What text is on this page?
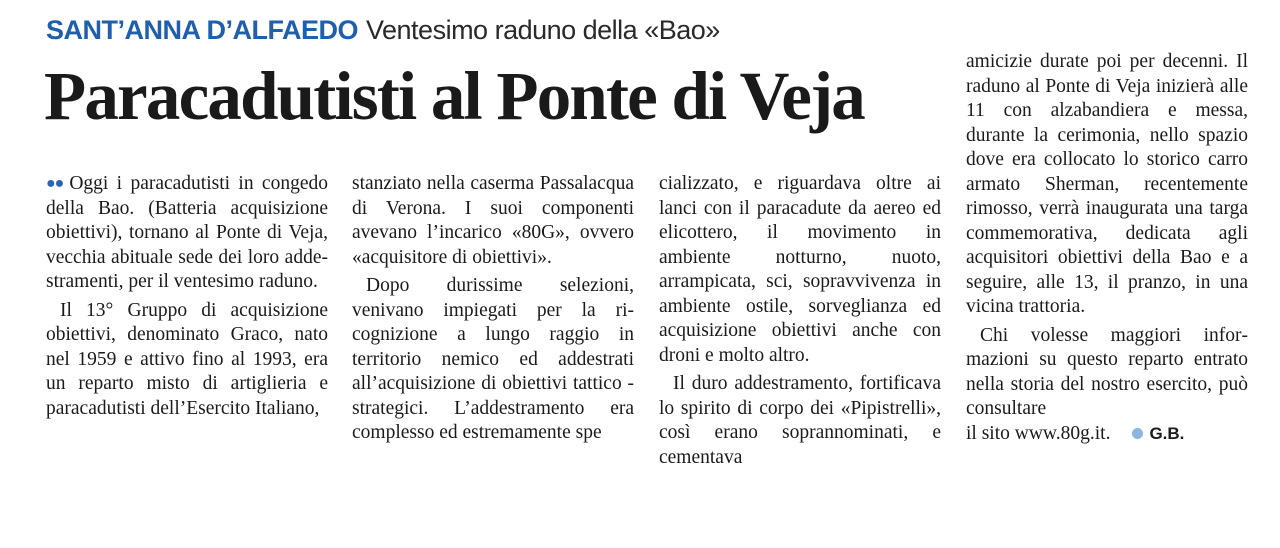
SANT’ANNA D’ALFAEDO Ventesimo raduno della «Bao»
Paracadutisti al Ponte di Veja

●● Oggi i paracadutisti in congedo della Bao. (Batteria acquisizione obiettivi), tornano al Ponte di Veja, vecchia abituale sede dei loro addestramenti, per il ventesimo raduno.

Il 13° Gruppo di acquisizione obiettivi, denominato Graco, nato nel 1959 e attivo fino al 1993, era un reparto misto di artiglieria e paracadutisti dell’Esercito Italiano,

stanziato nella caserma Passalacqua di Verona. I suoi componenti avevano l’incarico «80G», ovvero «acquisitore di obiettivi».

Dopo durissime selezioni, venivano impiegati per la ricognizione a lungo raggio in territorio nemico ed addestrati all’acquisizione di obiettivi tattico - strategici. L’addestramento era complesso ed estremamente spe

cializzato, e riguardava oltre ai lanci con il paracadute da aereo ed elicottero, il movimento in ambiente notturno, nuoto, arrampicata, sci, sopravvivenza in ambiente ostile, sorveglianza ed acquisizione obiettivi anche con droni e molto altro.

Il duro addestramento, fortificava lo spirito di corpo dei «Pipistrelli», così erano soprannominati, e cementava

amicizie durate poi per decenni. Il raduno al Ponte di Veja inizierà alle 11 con alzabandiera e messa, durante la cerimonia, nello spazio dove era collocato lo storico carro armato Sherman, recentemente rimosso, verrà inaugurata una targa commemorativa, dedicata agli acquisitori obiettivi della Bao e a seguire, alle 13, il pranzo, in una vicina trattoria.

Chi volesse maggiori informazioni su questo reparto entrato nella storia del nostro esercito, può consultare

il sito www.80g.it. G.B.
